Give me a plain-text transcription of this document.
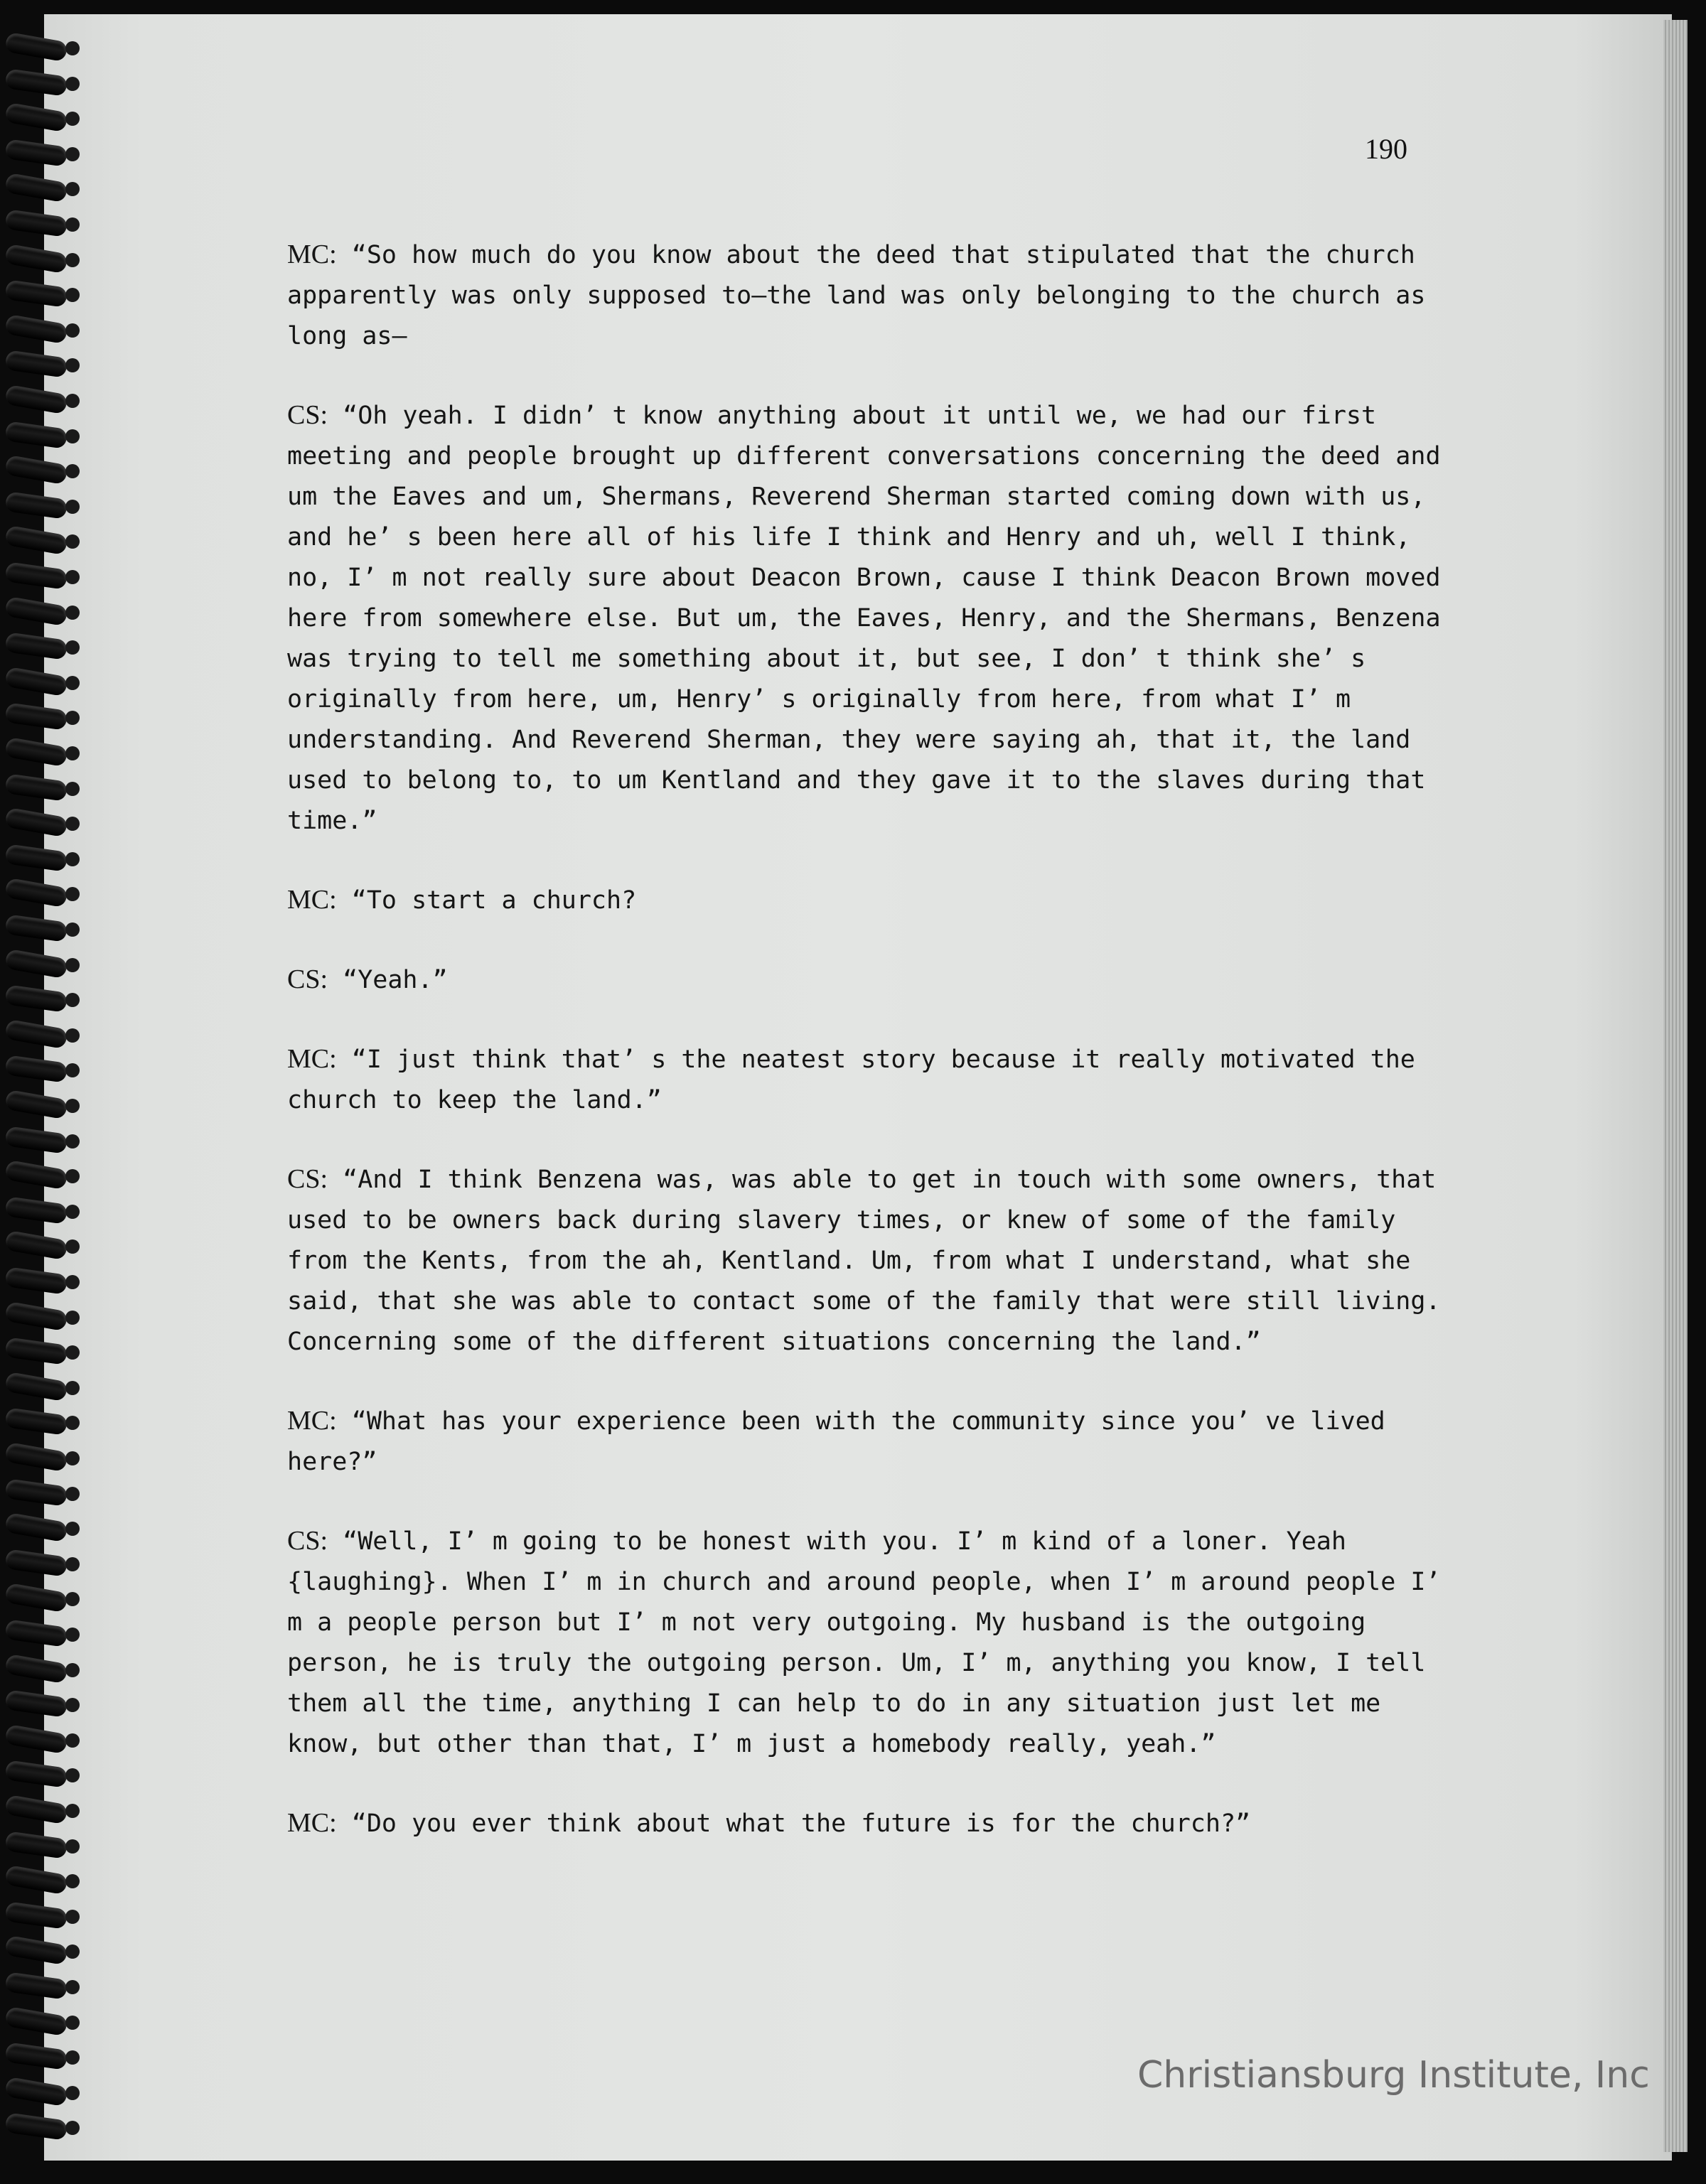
190

MC: “So how much do you know about the deed that stipulated that the church apparently was only supposed to—the land was only belonging to the church as long as—

CS: “Oh yeah. I didn’ t know anything about it until we, we had our first meeting and people brought up different conversations concerning the deed and um the Eaves and um, Shermans, Reverend Sherman started coming down with us, and he’ s been here all of his life I think and Henry and uh, well I think, no, I’ m not really sure about Deacon Brown, cause I think Deacon Brown moved here from somewhere else. But um, the Eaves, Henry, and the Shermans, Benzena was trying to tell me something about it, but see, I don’ t think she’ s originally from here, um, Henry’ s originally from here, from what I’ m understanding. And Reverend Sherman, they were saying ah, that it, the land used to belong to, to um Kentland and they gave it to the slaves during that time.”

MC: “To start a church?

CS: “Yeah.”

MC: “I just think that’ s the neatest story because it really motivated the church to keep the land.”

CS: “And I think Benzena was, was able to get in touch with some owners, that used to be owners back during slavery times, or knew of some of the family from the Kents, from the ah, Kentland. Um, from what I understand, what she said, that she was able to contact some of the family that were still living. Concerning some of the different situations concerning the land.”

MC: “What has your experience been with the community since you’ ve lived here?”

CS: “Well, I’ m going to be honest with you. I’ m kind of a loner. Yeah {laughing}. When I’ m in church and around people, when I’ m around people I’ m a people person but I’ m not very outgoing. My husband is the outgoing person, he is truly the outgoing person. Um, I’ m, anything you know, I tell them all the time, anything I can help to do in any situation just let me know, but other than that, I’ m just a homebody really, yeah.”

MC: “Do you ever think about what the future is for the church?”

Christiansburg Institute, Inc
